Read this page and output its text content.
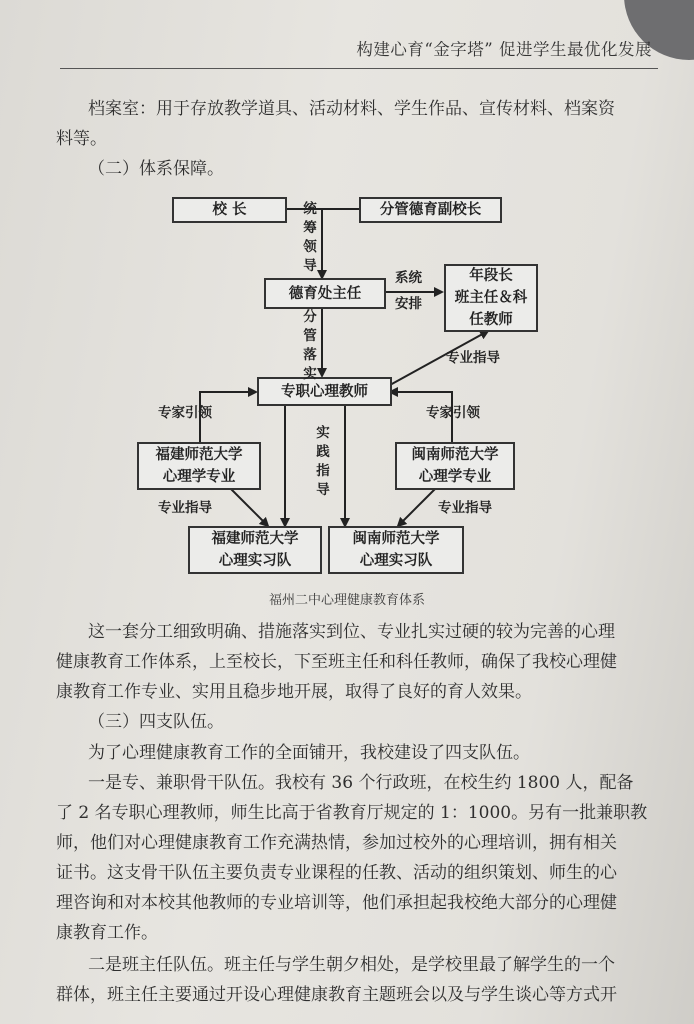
构建心育“金字塔” 促进学生最优化发展
档案室：用于存放教学道具、活动材料、学生作品、宣传材料、档案资
料等。
（二）体系保障。
校 长	分管德育副校长
德育处主任
年段长
班主任＆科
任教师
专职心理教师
福建师范大学
心理学专业
闽南师范大学
心理学专业
福建师范大学
心理实习队
闽南师范大学
心理实习队
统筹领导
系统
安排
分管落实
专业指导
专家引领	专家引领
实践指导
专业指导	专业指导
福州二中心理健康教育体系
这一套分工细致明确、措施落实到位、专业扎实过硬的较为完善的心理
健康教育工作体系，上至校长，下至班主任和科任教师，确保了我校心理健
康教育工作专业、实用且稳步地开展，取得了良好的育人效果。
（三）四支队伍。
为了心理健康教育工作的全面铺开，我校建设了四支队伍。
一是专、兼职骨干队伍。我校有 36 个行政班，在校生约 1800 人，配备
了 2 名专职心理教师，师生比高于省教育厅规定的 1：1000。另有一批兼职教
师，他们对心理健康教育工作充满热情，参加过校外的心理培训，拥有相关
证书。这支骨干队伍主要负责专业课程的任教、活动的组织策划、师生的心
理咨询和对本校其他教师的专业培训等，他们承担起我校绝大部分的心理健
康教育工作。
二是班主任队伍。班主任与学生朝夕相处，是学校里最了解学生的一个
群体，班主任主要通过开设心理健康教育主题班会以及与学生谈心等方式开
